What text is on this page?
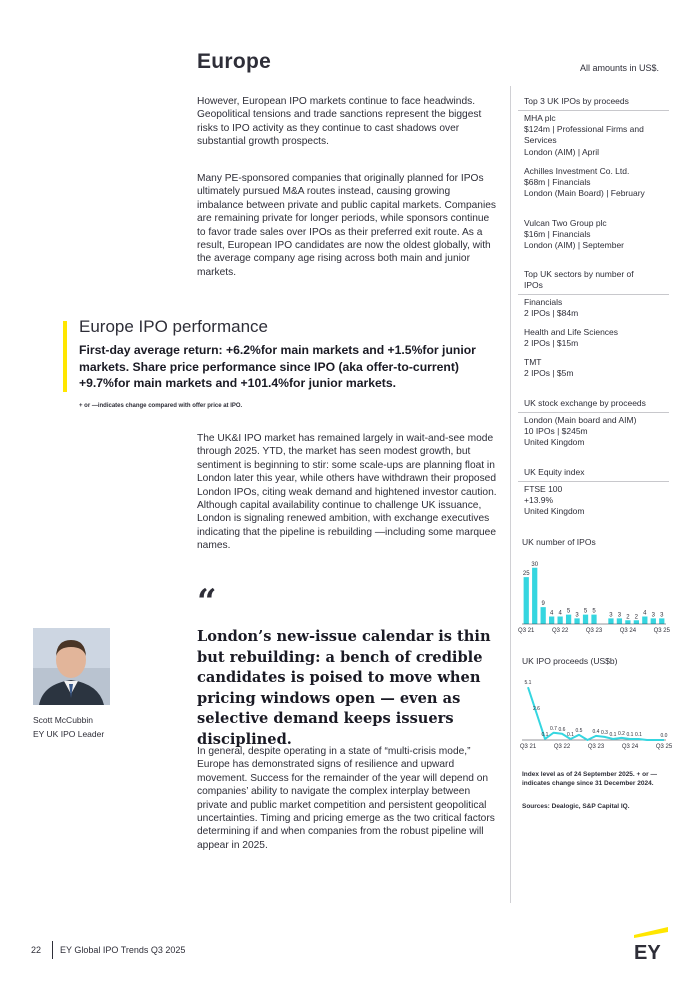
Europe	All amounts in US$.
However, European IPO markets continue to face headwinds. Geopolitical tensions and trade sanctions represent the biggest risks to IPO activity as they continue to cast shadows over substantial growth prospects.
Many PE-sponsored companies that originally planned for IPOs ultimately pursued M&A routes instead, causing growing imbalance between private and public capital markets. Companies are remaining private for longer periods, while sponsors continue to favor trade sales over IPOs as their preferred exit route. As a result, European IPO candidates are now the oldest globally, with the average company age rising across both main and junior markets.
Europe IPO performance
First-day average return: +6.2%for main markets and +1.5%for junior markets. Share price performance since IPO (aka offer-to-current) +9.7%for main markets and +101.4%for junior markets.
+ or —indicates change compared with offer price at IPO.
The UK&I IPO market has remained largely in wait-and-see mode through 2025. YTD, the market has seen modest growth, but sentiment is beginning to stir: some scale-ups are planning float in London later this year, while others have withdrawn their proposed London IPOs, citing weak demand and hightened investor caution. Although capital availability continue to challenge UK issuance, London is signaling renewed ambition, with exchange executives indicating that the pipeline is rebuilding —including some marquee names.
“
London’s new-issue calendar is thin but rebuilding: a bench of credible candidates is poised to move when pricing windows open — even as selective demand keeps issuers disciplined.
Scott McCubbin
EY UK IPO Leader
In general, despite operating in a state of “multi-crisis mode,” Europe has demonstrated signs of resilience and upward movement. Success for the remainder of the year will depend on companies’ ability to navigate the complex interplay between private and public market competition and persistent geopolitical uncertainties. Timing and pricing emerge as the two critical factors determining if and when companies from the robust pipeline will appear in 2025.
Top 3 UK IPOs by proceeds
MHA plc
$124m | Professional Firms and Services
London (AIM) | April
Achilles Investment Co. Ltd.
$68m | Financials
London (Main Board) | February
Vulcan Two Group plc
$16m | Financials
London (AIM) | September
Top UK sectors by number of IPOs
Financials
2 IPOs | $84m
Health and Life Sciences
2 IPOs | $15m
TMT
2 IPOs | $5m
UK stock exchange by proceeds
London (Main board and AIM)
10 IPOs | $245m
United Kingdom
UK Equity index
FTSE 100
+13.9%
United Kingdom
UK number of IPOs
25
30
9
4 4 5
3
5 5
3 3 2 2
4 3 3
Q3 21	Q3 22	Q3 23	Q3 24	Q3 25
UK IPO proceeds (US$b)
5.1
2.6
0.1
0.7 0.6
0.1
0.5 0.4 0.3 0.1 0.2 0.1 0.1	0.0
Q3 21	Q3 22	Q3 23	Q3 24	Q3 25
Index level as of 24 September 2025. + or — indicates change since 31 December 2024.
Sources: Dealogic, S&P Capital IQ.
22 EY Global IPO Trends Q3 2025	EY
